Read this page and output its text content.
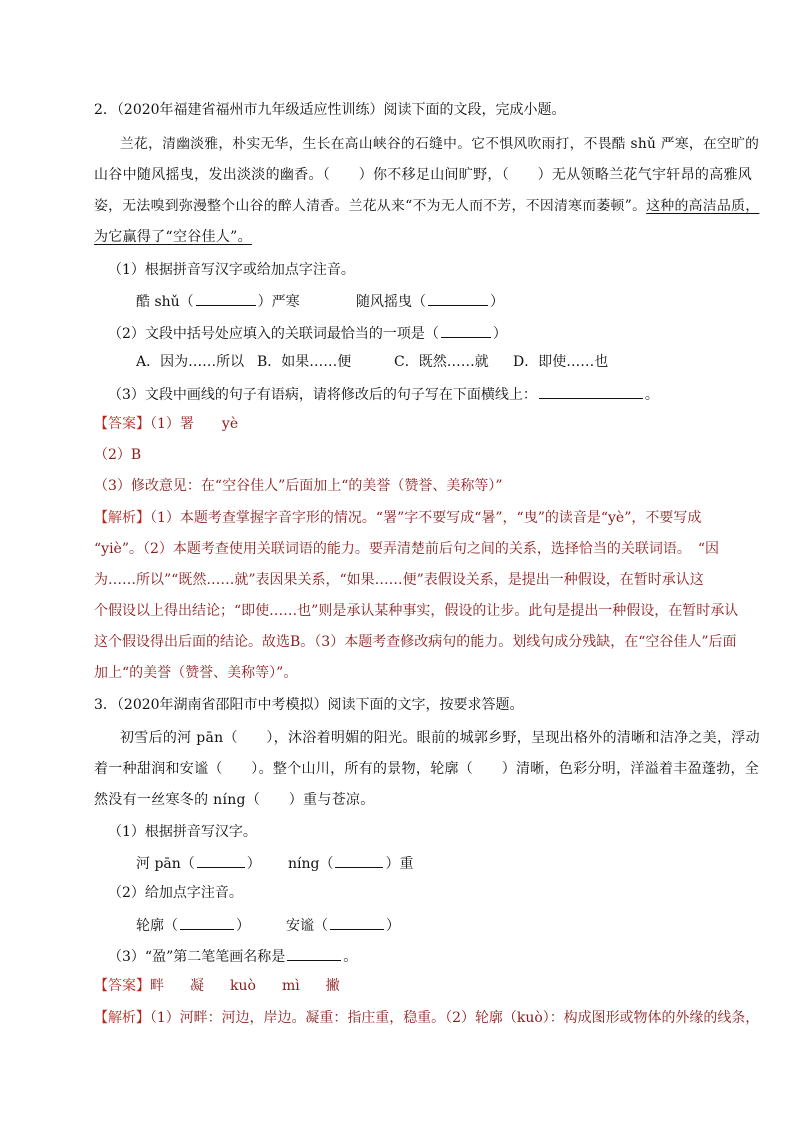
2．（2020年福建省福州市九年级适应性训练）阅读下面的文段，完成小题。
兰花，清幽淡雅，朴实无华，生长在高山峡谷的石缝中。它不惧风吹雨打，不畏酷 shǔ 严寒，在空旷的
山谷中随风摇曳，发出淡淡的幽香。（　　）你不移足山间旷野，（　　）无从领略兰花气宇轩昂的高雅风
姿，无法嗅到弥漫整个山谷的醉人清香。兰花从来“不为无人而不芳，不因清寒而萎顿”。这种的高洁品质，
为它赢得了“空谷佳人”。
（1）根据拼音写汉字或给加点字注音。
酷 shǔ（	）严寒	随风摇曳（	）
（2）文段中括号处应填入的关联词最恰当的一项是（	）
A．因为……所以 B．如果……便	C．既然……就 D．即使……也
（3）文段中画线的句子有语病，请将修改后的句子写在下面横线上：	。
【答案】（1）署 yè
（2）B
（3）修改意见：在“空谷佳人”后面加上“的美誉（赞誉、美称等）”
【解析】（1）本题考查掌握字音字形的情况。“署”字不要写成“暑”，“曳”的读音是“yè”，不要写成
“yiè”。（2）本题考查使用关联词语的能力。要弄清楚前后句之间的关系，选择恰当的关联词语。　“因
为……所以”“既然……就”表因果关系，“如果……便”表假设关系，是提出一种假设，在暂时承认这
个假设以上得出结论；“即使……也”则是承认某种事实，假设的让步。此句是提出一种假设，在暂时承认
这个假设得出后面的结论。故选B。（3）本题考查修改病句的能力。划线句成分残缺，在“空谷佳人”后面
加上“的美誉（赞誉、美称等）”。
3．（2020年湖南省邵阳市中考模拟）阅读下面的文字，按要求答题。
初雪后的河 pān（　　），沐浴着明媚的阳光。眼前的城郭乡野，呈现出格外的清晰和洁净之美，浮动
着一种甜润和安谧（　　）。整个山川，所有的景物，轮廓（　　）清晰，色彩分明，洋溢着丰盈蓬勃，全
然没有一丝寒冬的 níng（　　）重与苍凉。
（1）根据拼音写汉字。
河 pān（	） níng（	）重
（2）给加点字注音。
轮廓（	）	安谧（	）
（3）“盈”第二笔笔画名称是	。
【答案】畔 凝 kuò mì 撇
【解析】（1）河畔：河边，岸边。凝重：指庄重，稳重。（2）轮廓（kuò）：构成图形或物体的外缘的线条，
